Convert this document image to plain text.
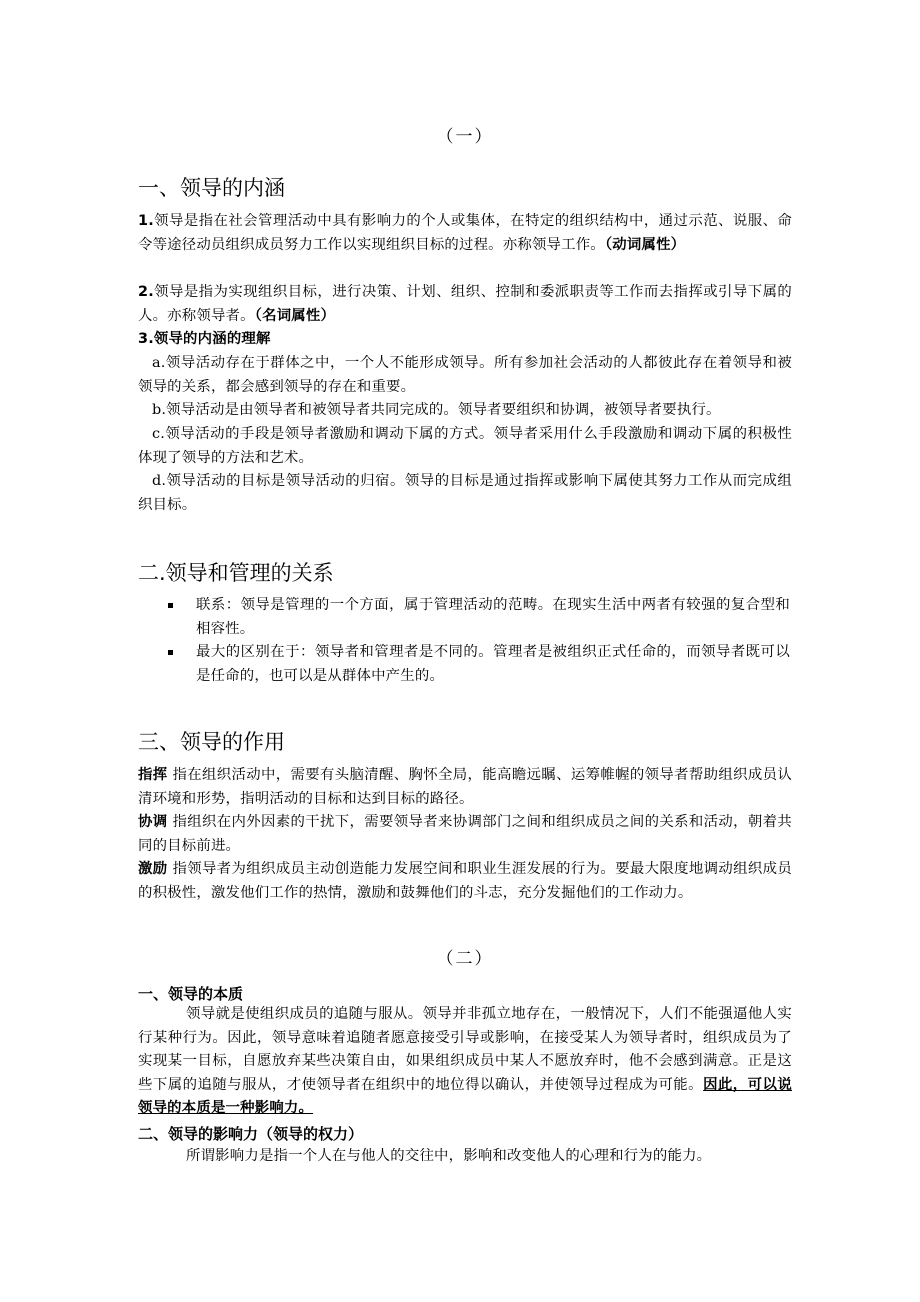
（一）
一、领导的内涵
1.领导是指在社会管理活动中具有影响力的个人或集体，在特定的组织结构中，通过示范、说服、命令等途径动员组织成员努力工作以实现组织目标的过程。亦称领导工作。（动词属性）
2.领导是指为实现组织目标，进行决策、计划、组织、控制和委派职责等工作而去指挥或引导下属的人。亦称领导者。（名词属性）
3.领导的内涵的理解
a.领导活动存在于群体之中，一个人不能形成领导。所有参加社会活动的人都彼此存在着领导和被领导的关系，都会感到领导的存在和重要。
b.领导活动是由领导者和被领导者共同完成的。领导者要组织和协调，被领导者要执行。
c.领导活动的手段是领导者激励和调动下属的方式。领导者采用什么手段激励和调动下属的积极性体现了领导的方法和艺术。
d.领导活动的目标是领导活动的归宿。领导的目标是通过指挥或影响下属使其努力工作从而完成组织目标。
二.领导和管理的关系
联系：领导是管理的一个方面，属于管理活动的范畴。在现实生活中两者有较强的复合型和相容性。
最大的区别在于：领导者和管理者是不同的。管理者是被组织正式任命的，而领导者既可以是任命的，也可以是从群体中产生的。
三、领导的作用
指挥 指在组织活动中，需要有头脑清醒、胸怀全局，能高瞻远瞩、运筹帷幄的领导者帮助组织成员认清环境和形势，指明活动的目标和达到目标的路径。
协调 指组织在内外因素的干扰下，需要领导者来协调部门之间和组织成员之间的关系和活动，朝着共同的目标前进。
激励 指领导者为组织成员主动创造能力发展空间和职业生涯发展的行为。要最大限度地调动组织成员的积极性，激发他们工作的热情，激励和鼓舞他们的斗志，充分发掘他们的工作动力。
（二）
一、领导的本质
领导就是使组织成员的追随与服从。领导并非孤立地存在，一般情况下，人们不能强逼他人实行某种行为。因此，领导意味着追随者愿意接受引导或影响，在接受某人为领导者时，组织成员为了实现某一目标，自愿放弃某些决策自由，如果组织成员中某人不愿放弃时，他不会感到满意。正是这些下属的追随与服从，才使领导者在组织中的地位得以确认，并使领导过程成为可能。因此，可以说领导的本质是一种影响力。
二、领导的影响力（领导的权力）
所谓影响力是指一个人在与他人的交往中，影响和改变他人的心理和行为的能力。
